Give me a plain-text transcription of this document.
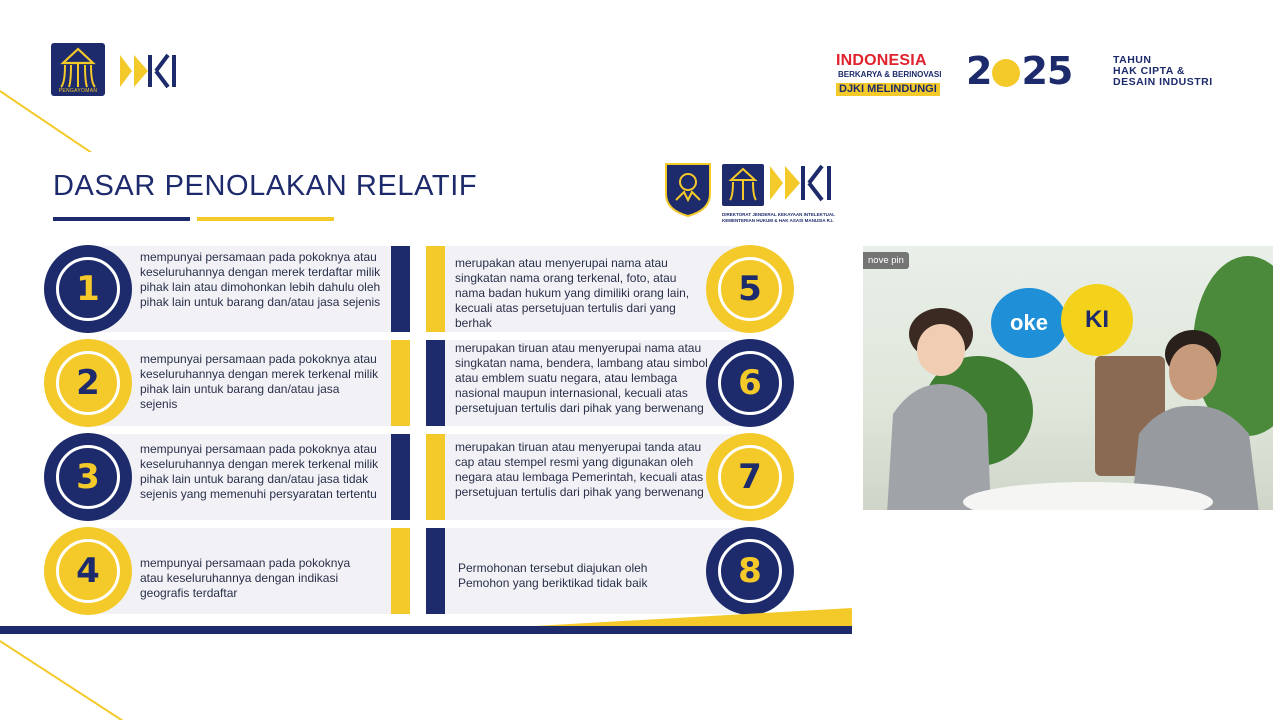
PENGAYOMAN
INDONESIA
BERKARYA & BERINOVASI
DJKI MELINDUNGI 2 25	TAHUN
HAK CIPTA &
DESAIN INDUSTRI
DASAR PENOLAKAN RELATIF
DIREKTORAT JENDERAL KEKAYAAN INTELEKTUAL KEMENTERIAN HUKUM & HAK ASASI MANUSIA R.I.
1
2
3
4
5
6
7
8
mempunyai persamaan pada pokoknya atau keseluruhannya dengan merek terdaftar milik pihak lain atau dimohonkan lebih dahulu oleh pihak lain untuk barang dan/atau jasa sejenis
mempunyai persamaan pada pokoknya atau keseluruhannya dengan merek terkenal milik pihak lain untuk barang dan/atau jasa sejenis
mempunyai persamaan pada pokoknya atau keseluruhannya dengan merek terkenal milik pihak lain untuk barang dan/atau jasa tidak sejenis yang memenuhi persyaratan tertentu
mempunyai persamaan pada pokoknya atau keseluruhannya dengan indikasi geografis terdaftar
merupakan atau menyerupai nama atau singkatan nama orang terkenal, foto, atau nama badan hukum yang dimiliki orang lain, kecuali atas persetujuan tertulis dari yang berhak
merupakan tiruan atau menyerupai nama atau singkatan nama, bendera, lambang atau simbol atau emblem suatu negara, atau lembaga nasional maupun internasional, kecuali atas persetujuan tertulis dari pihak yang berwenang
merupakan tiruan atau menyerupai tanda atau cap atau stempel resmi yang digunakan oleh negara atau lembaga Pemerintah, kecuali atas persetujuan tertulis dari pihak yang berwenang
Permohonan tersebut diajukan oleh Pemohon yang beriktikad tidak baik
oke	KI
nove pin
